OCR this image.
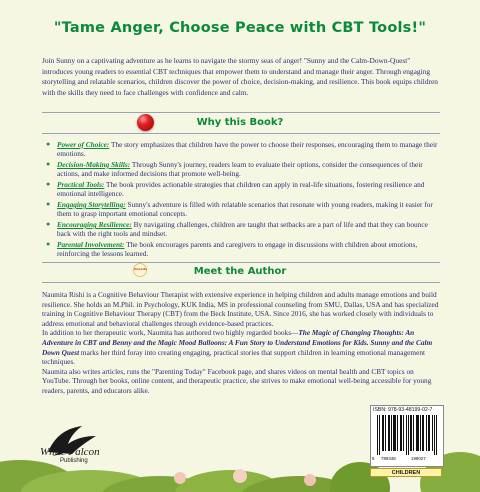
"Tame Anger, Choose Peace with CBT Tools!"
Join Sunny on a captivating adventure as he learns to navigate the stormy seas of anger! "Sunny and the Calm-Down-Quest" introduces young readers to essential CBT techniques that empower them to understand and manage their anger. Through engaging storytelling and relatable scenarios, children discover the power of choice, decision-making, and resilience. This book equips children with the skills they need to face challenges with confidence and calm.
Why this Book?
● Power of Choice: The story emphasizes that children have the power to choose their responses, encouraging them to manage their emotions.
● Decision-Making Skills: Through Sunny's journey, readers learn to evaluate their options, consider the consequences of their actions, and make informed decisions that promote well-being.
● Practical Tools: The book provides actionable strategies that children can apply in real-life situations, fostering resilience and emotional intelligence.
● Engaging Storytelling: Sunny's adventure is filled with relatable scenarios that resonate with young readers, making it easier for them to grasp important emotional concepts.
● Encouraging Resilience: By navigating challenges, children are taught that setbacks are a part of life and that they can bounce back with the right tools and mindset.
● Parental Involvement: The book encourages parents and caregivers to engage in discussions with children about emotions, reinforcing the lessons learned.
OneLife	Meet the Author

Naumita Rishi is a Cognitive Behaviour Therapist with extensive experience in helping children and adults manage emotions and build resilience. She holds an M.Phil. in Psychology, KUK India, MS in professional counseling from SMU, Dallas, USA and has specialized training in Cognitive Behaviour Therapy (CBT) from the Beck Institute, USA. Since 2016, she has worked closely with individuals to address emotional and behavioral challenges through evidence-based practices.

In addition to her therapeutic work, Naumita has authored two highly regarded books—The Magic of Changing Thoughts: An Adventure in CBT and Benny and the Magic Mood Balloons: A Fun Story to Understand Emotions for Kids. Sunny and the Calm Down Quest marks her third foray into creating engaging, practical stories that support children in learning emotional management techniques.

Naumita also writes articles, runs the "Parenting Today" Facebook page, and shares videos on mental health and CBT topics on YouTube. Through her books, online content, and therapeutic practice, she strives to make emotional well-being accessible for young readers, parents, and educators alike.

White Falcon
Publishing
ISBN: 978-93-48199-02-7
9 789348	199027
CHILDREN
